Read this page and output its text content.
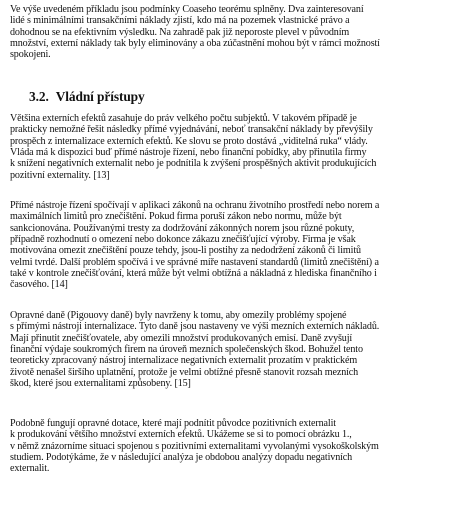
Ve výše uvedeném příkladu jsou podmínky Coaseho teorému splněny. Dva zainteresovaní
lidé s minimálními transakčními náklady zjistí, kdo má na pozemek vlastnické právo a
dohodnou se na efektivním výsledku. Na zahradě pak již neporoste plevel v původním
množství, externí náklady tak byly eliminovány a oba zúčastnění mohou být v rámci možností
spokojeni.

3.2. Vládní přístupy

Většina externích efektů zasahuje do práv velkého počtu subjektů. V takovém případě je
prakticky nemožné řešit následky přímé vyjednávání, neboť transakční náklady by převýšily
prospěch z internalizace externích efektů. Ke slovu se proto dostává „viditelná ruka“ vlády.
Vláda má k dispozici buď přímé nástroje řízení, nebo finanční pobídky, aby přinutila firmy
k snížení negativních externalit nebo je podnítila k zvýšení prospěšných aktivit produkujících
pozitivní externality. [13]

Přímé nástroje řízení spočívají v aplikaci zákonů na ochranu životního prostředí nebo norem a
maximálních limitů pro znečištění. Pokud firma poruší zákon nebo normu, může být
sankcionována. Používanými tresty za dodržování zákonných norem jsou různé pokuty,
případně rozhodnutí o omezení nebo dokonce zákazu znečišťující výroby. Firma je však
motivována omezit znečištění pouze tehdy, jsou-li postihy za nedodržení zákonů či limitů
velmi tvrdé. Další problém spočívá i ve správné míře nastavení standardů (limitů znečištění) a
také v kontrole znečišťování, která může být velmi obtížná a nákladná z hlediska finančního i
časového. [14]

Opravné daně (Pigouovy daně) byly navrženy k tomu, aby omezily problémy spojené
s přímými nástroji internalizace. Tyto daně jsou nastaveny ve výši mezních externích nákladů.
Mají přinutit znečišťovatele, aby omezili množství produkovaných emisí. Daně zvyšují
finanční výdaje soukromých firem na úroveň mezních společenských škod. Bohužel tento
teoreticky zpracovaný nástroj internalizace negativních externalit prozatím v praktickém
životě nenašel širšího uplatnění, protože je velmi obtížné přesně stanovit rozsah mezních
škod, které jsou externalitami způsobeny. [15]

Podobně fungují opravné dotace, které mají podnítit původce pozitivních externalit
k produkování většího množství externích efektů. Ukážeme se si to pomocí obrázku 1.,
v němž znázorníme situaci spojenou s pozitivními externalitami vyvolanými vysokoškolským
studiem. Podotýkáme, že v následující analýza je obdobou analýzy dopadu negativních
externalit.
